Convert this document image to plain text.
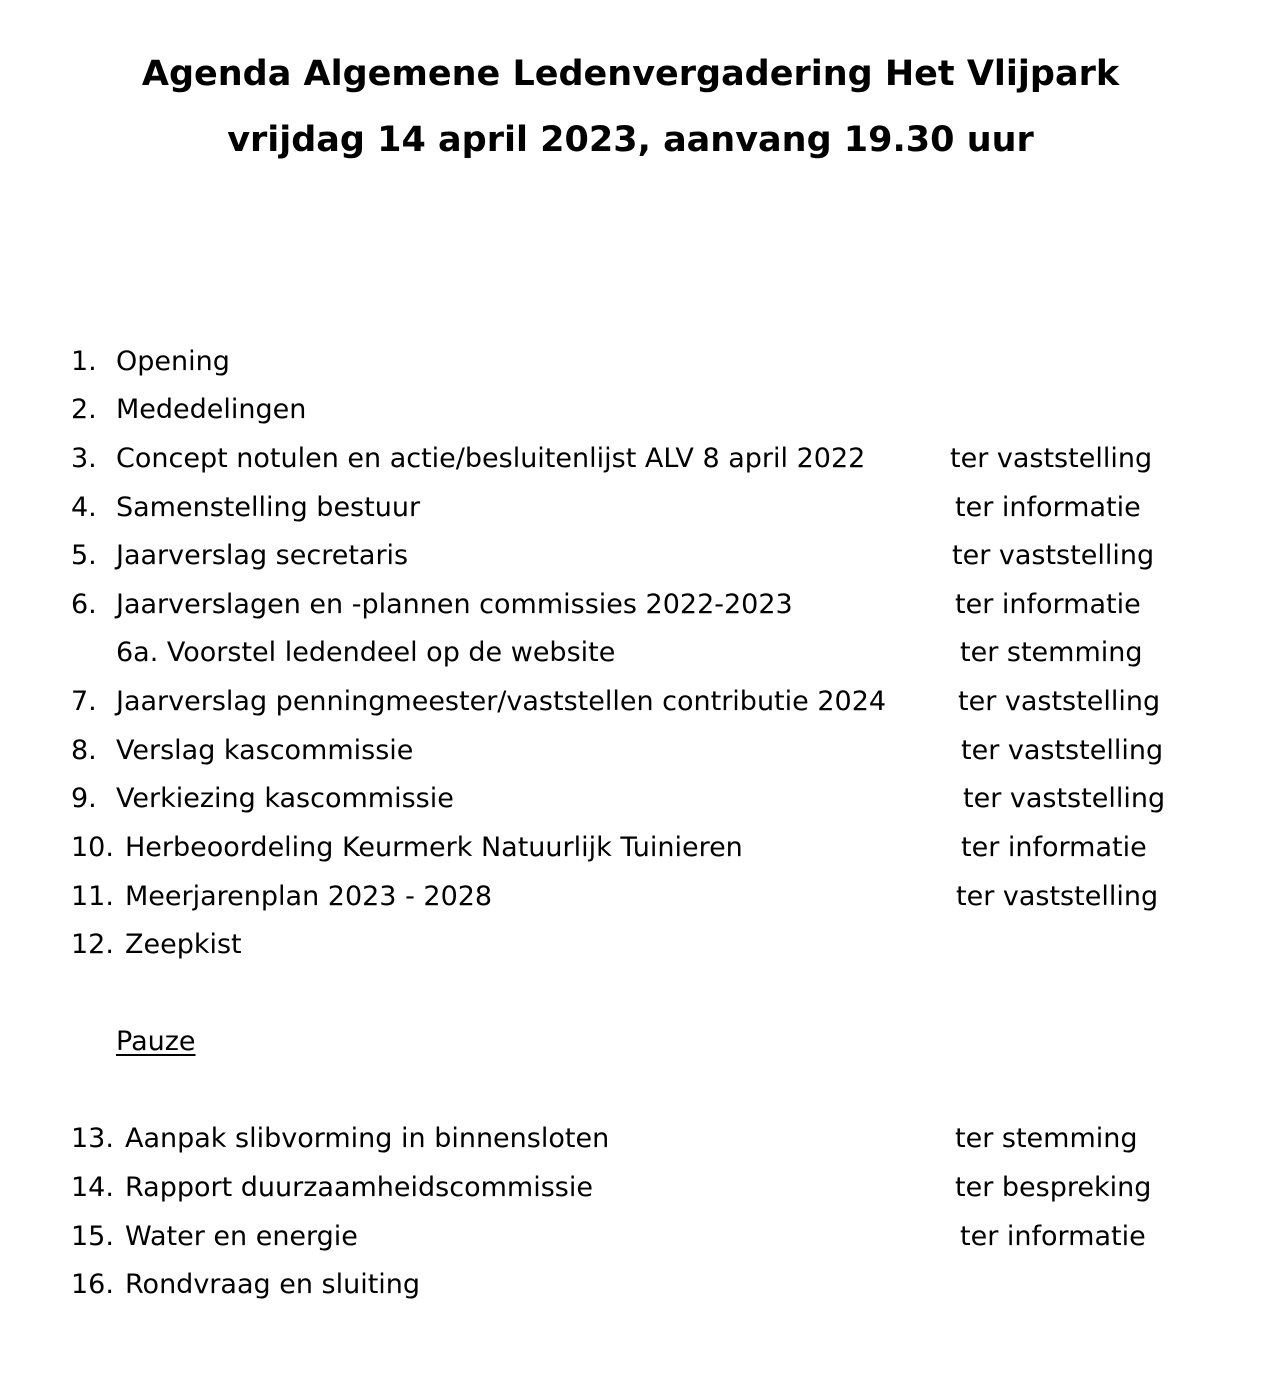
Agenda Algemene Ledenvergadering Het Vlijpark
vrijdag 14 april 2023, aanvang 19.30 uur
1. Opening
2. Mededelingen
3. Concept notulen en actie/besluitenlijst ALV 8 april 2022	ter vaststelling
4. Samenstelling bestuur	ter informatie
5. Jaarverslag secretaris	ter vaststelling
6. Jaarverslagen en -plannen commissies 2022-2023	ter informatie
6a. Voorstel ledendeel op de website	ter stemming
7. Jaarverslag penningmeester/vaststellen contributie 2024	ter vaststelling
8. Verslag kascommissie	ter vaststelling
9. Verkiezing kascommissie	ter vaststelling
10. Herbeoordeling Keurmerk Natuurlijk Tuinieren	ter informatie
11. Meerjarenplan 2023 - 2028	ter vaststelling
12. Zeepkist
Pauze
13. Aanpak slibvorming in binnensloten	ter stemming
14. Rapport duurzaamheidscommissie	ter bespreking
15. Water en energie	ter informatie
16. Rondvraag en sluiting
